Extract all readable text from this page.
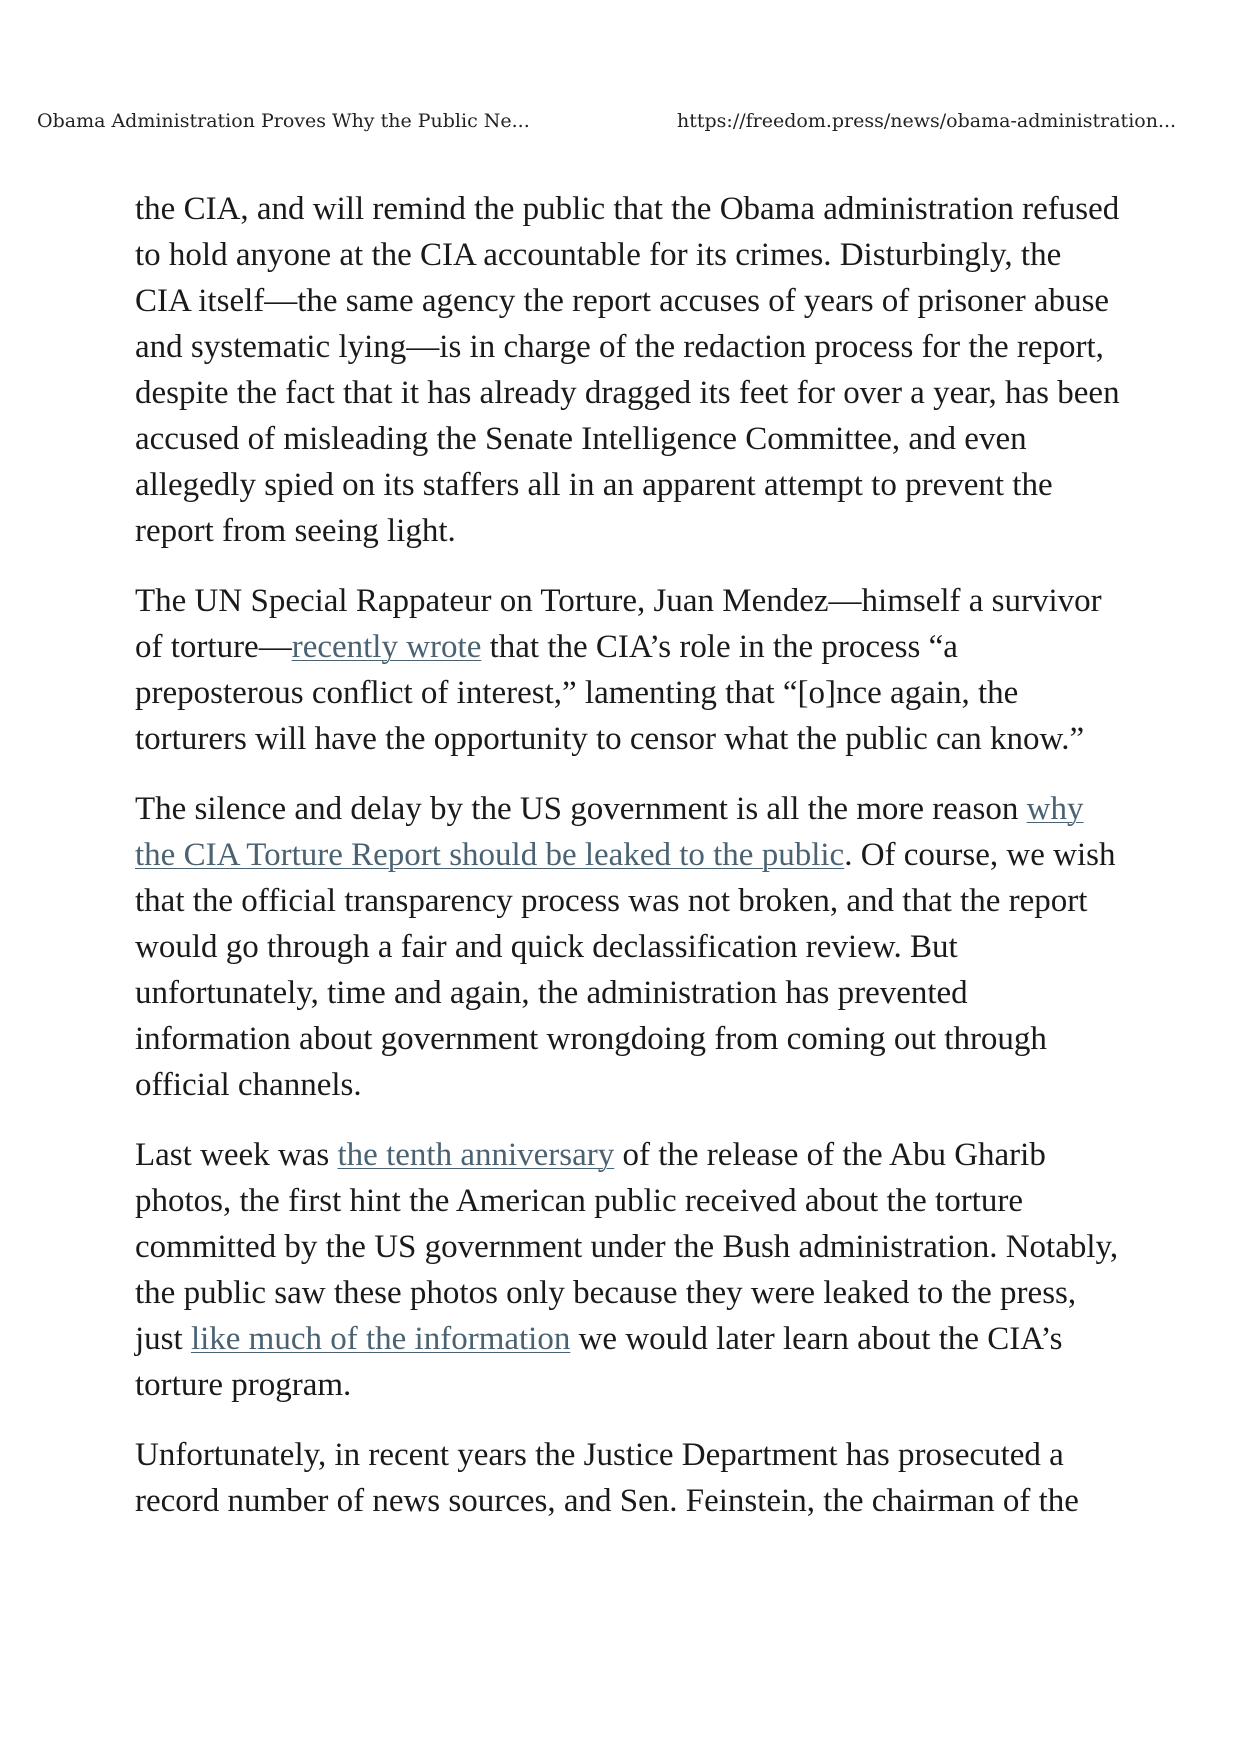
Obama Administration Proves Why the Public Ne...	https://freedom.press/news/obama-administration...

the CIA, and will remind the public that the Obama administration refused to hold anyone at the CIA accountable for its crimes. Disturbingly, the CIA itself—the same agency the report accuses of years of prisoner abuse and systematic lying—is in charge of the redaction process for the report, despite the fact that it has already dragged its feet for over a year, has been accused of misleading the Senate Intelligence Committee, and even allegedly spied on its staffers all in an apparent attempt to prevent the report from seeing light.

The UN Special Rappateur on Torture, Juan Mendez—himself a survivor of torture—recently wrote that the CIA’s role in the process “a preposterous conflict of interest,” lamenting that “[o]nce again, the torturers will have the opportunity to censor what the public can know.”

The silence and delay by the US government is all the more reason why the CIA Torture Report should be leaked to the public. Of course, we wish that the official transparency process was not broken, and that the report would go through a fair and quick declassification review. But unfortunately, time and again, the administration has prevented information about government wrongdoing from coming out through official channels.

Last week was the tenth anniversary of the release of the Abu Gharib photos, the first hint the American public received about the torture committed by the US government under the Bush administration. Notably, the public saw these photos only because they were leaked to the press, just like much of the information we would later learn about the CIA’s torture program.

Unfortunately, in recent years the Justice Department has prosecuted a record number of news sources, and Sen. Feinstein, the chairman of the
